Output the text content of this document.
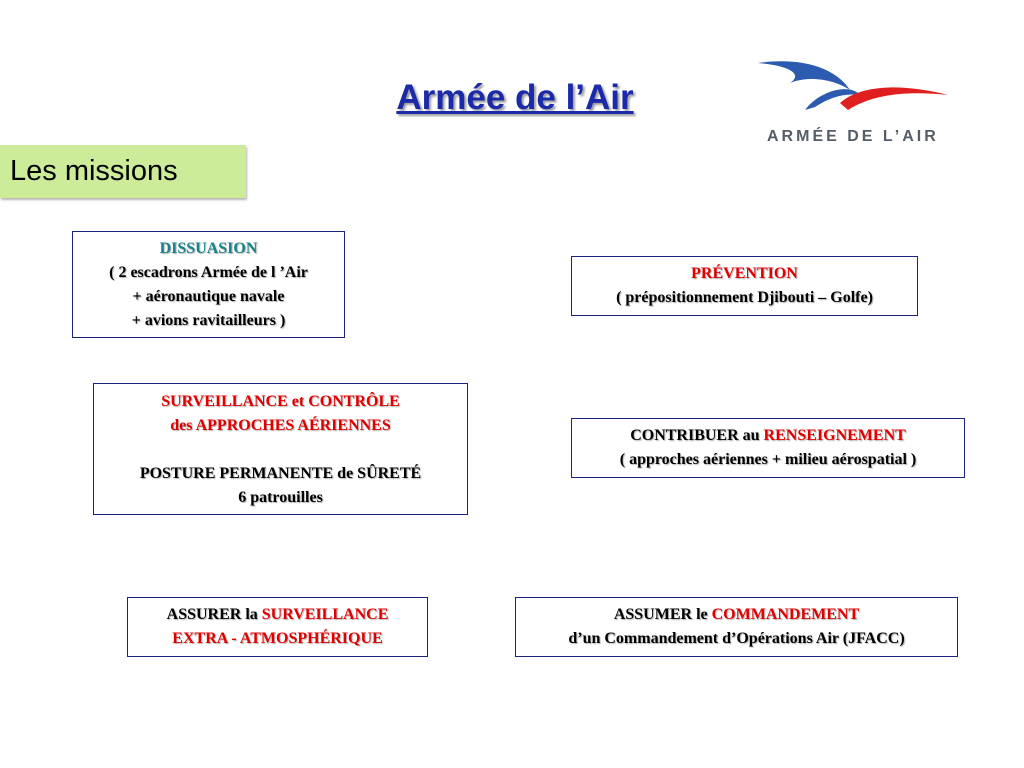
Armée de l’Air
Les missions
ARMÉE DE L’AIR
DISSUASION
( 2 escadrons Armée de l ’Air
+ aéronautique navale
+ avions ravitailleurs )
PRÉVENTION
( prépositionnement Djibouti – Golfe)
SURVEILLANCE et CONTRÔLE
des APPROCHES AÉRIENNES
POSTURE PERMANENTE de SÛRETÉ
6 patrouilles
CONTRIBUER au RENSEIGNEMENT
( approches aériennes + milieu aérospatial )
ASSURER la SURVEILLANCE
EXTRA - ATMOSPHÉRIQUE
ASSUMER le COMMANDEMENT
d’un Commandement d’Opérations Air (JFACC)
